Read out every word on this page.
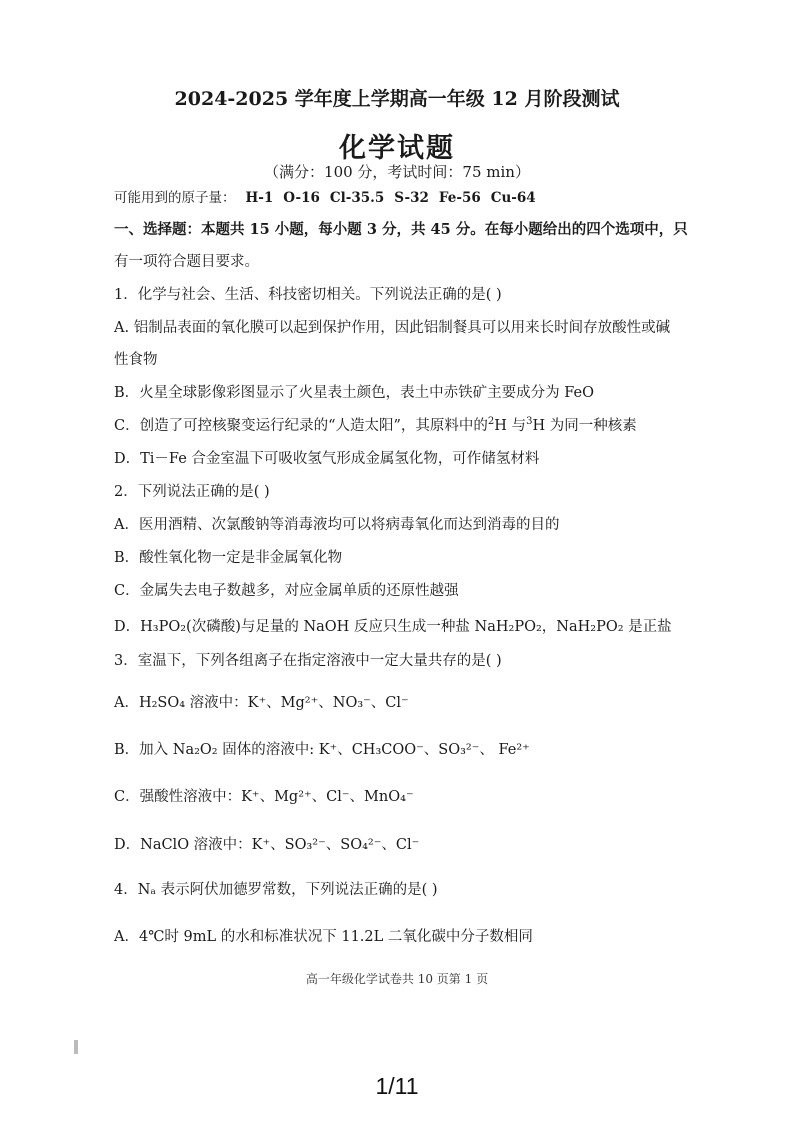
2024-2025 学年度上学期高一年级 12 月阶段测试
化学试题
（满分：100 分，考试时间：75 min）
可能用到的原子量： H-1 O-16 Cl-35.5 S-32 Fe-56 Cu-64
一、选择题：本题共 15 小题，每小题 3 分，共 45 分。在每小题给出的四个选项中，只
有一项符合题目要求。
1．化学与社会、生活、科技密切相关。下列说法正确的是( )
A. 铝制品表面的氧化膜可以起到保护作用，因此铝制餐具可以用来长时间存放酸性或碱
性食物
B．火星全球影像彩图显示了火星表土颜色，表土中赤铁矿主要成分为 FeO
C．创造了可控核聚变运行纪录的“人造太阳”，其原料中的$^2$H 与$^3$H 为同一种核素
D．Ti－Fe 合金室温下可吸收氢气形成金属氢化物，可作储氢材料
2．下列说法正确的是( )
A．医用酒精、次氯酸钠等消毒液均可以将病毒氧化而达到消毒的目的
B．酸性氧化物一定是非金属氧化物
C．金属失去电子数越多，对应金属单质的还原性越强
D．H₃PO₂(次磷酸)与足量的 NaOH 反应只生成一种盐 NaH₂PO₂，NaH₂PO₂ 是正盐
3．室温下，下列各组离子在指定溶液中一定大量共存的是( )
A．H₂SO₄ 溶液中：K⁺、Mg²⁺、NO₃⁻、Cl⁻
B．加入 Na₂O₂ 固体的溶液中: K⁺、CH₃COO⁻、SO₃²⁻、 Fe²⁺
C．强酸性溶液中：K⁺、Mg²⁺、Cl⁻、MnO₄⁻
D．NaClO 溶液中：K⁺、SO₃²⁻、SO₄²⁻、Cl⁻
4．Nₐ 表示阿伏加德罗常数，下列说法正确的是( )
A．4℃时 9mL 的水和标准状况下 11.2L 二氧化碳中分子数相同
高一年级化学试卷共 10 页第 1 页
1/11
